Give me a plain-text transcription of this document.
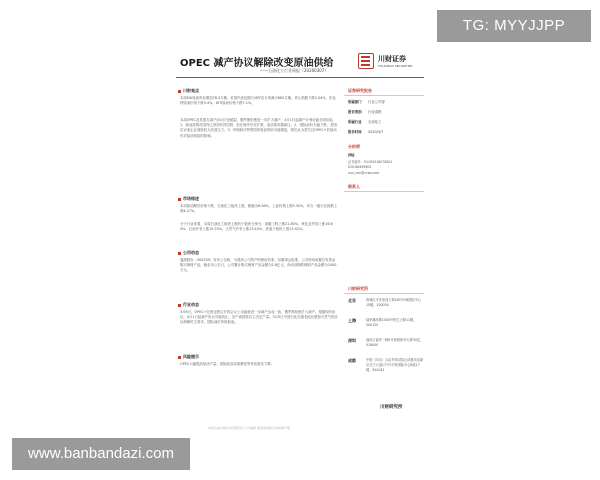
TG: MYYJJPP
www.banbandazi.com
OPEC 减产协议解除改变原油供给
——石油化工行业周报（20200307）
川财证券
CHUANCAI SECURITIES
川财观点
本周EIA原油库存增加78.4万桶，美国汽油及馏分油库存分别减少682万桶、美元指数下跌2.04%，布伦特原油价格下跌5.4%，WTI原油价格下跌7.1%。
本周OPEC及其盟友减产协议讨论破裂，俄罗斯拒绝进一步扩大减产，4月1日起减产计划可能全面结束。1、新冠疫情在国内已得到有效控制，但在海外仍在扩散，原油需求端承压；2、国际油价大幅下跌，美国页岩油企业面临较大经营压力。3、伊朗和沙特等国家原油供给可能增加，我们认为需关注OPEC+后续动作对原油供给的影响。
市场综述
本周原油期货价格下跌，石油化工板块上涨，涨幅为6.08%，上证综指上涨5.35%，申万一级行业指数上涨4.27%。
分子行业来看，本周石油化工板块上涨的子板块分别为：油服工程上涨21.80%、炼化及贸易上涨16.63%、石油开采上涨15.53%、天然气开采上涨13.43%、其他子板块上涨13.42%。
公司动态
通源股份（300335）发布公告称，为提高公司资产的使用效率，经董事会批准，公司使用闲置自有资金购买理财产品，截至本公告日，公司累计购买理财产品金额为2.8亿元，尚未到期的理财产品金额为1000万元。
行业动态
3月6日，OPEC+在维也纳召开的会议上未能就进一步减产达成一致，俄罗斯拒绝扩大减产。根据现有协议，4月1日起减产协议可能终止，各产油国将自主决定产量。3月5日中国石化在湖北地区增加天然气供应以保障民生需求，国际油价持续低迷。
风险提示
OPEC大幅提高原油产量；国际政治局面紧张等导致需求下降。
证券研究报告
所属部门 行业公司部
报告类别 行业周报
所属行业 石油化工
报告时间 2020/3/7
分析师
孙灿
证书编号：S1100516070001
010-66495902
sun_can@cczq.com
联系人
川财研究所
北京	西城区平安里西大街28号中海国际中心15楼，100034
上海	陆家嘴环路1000号恒生大厦11楼，200120
深圳	福田区福华一路6号免税商务大厦30层，518000
成都	中国（四川）自由贸易试验区成都市高新区交子大道177号中海国际中心B座17楼，610041
川财研究所
本报告由川财证券有限责任公司编制 谨请参阅尾页的重要声明
